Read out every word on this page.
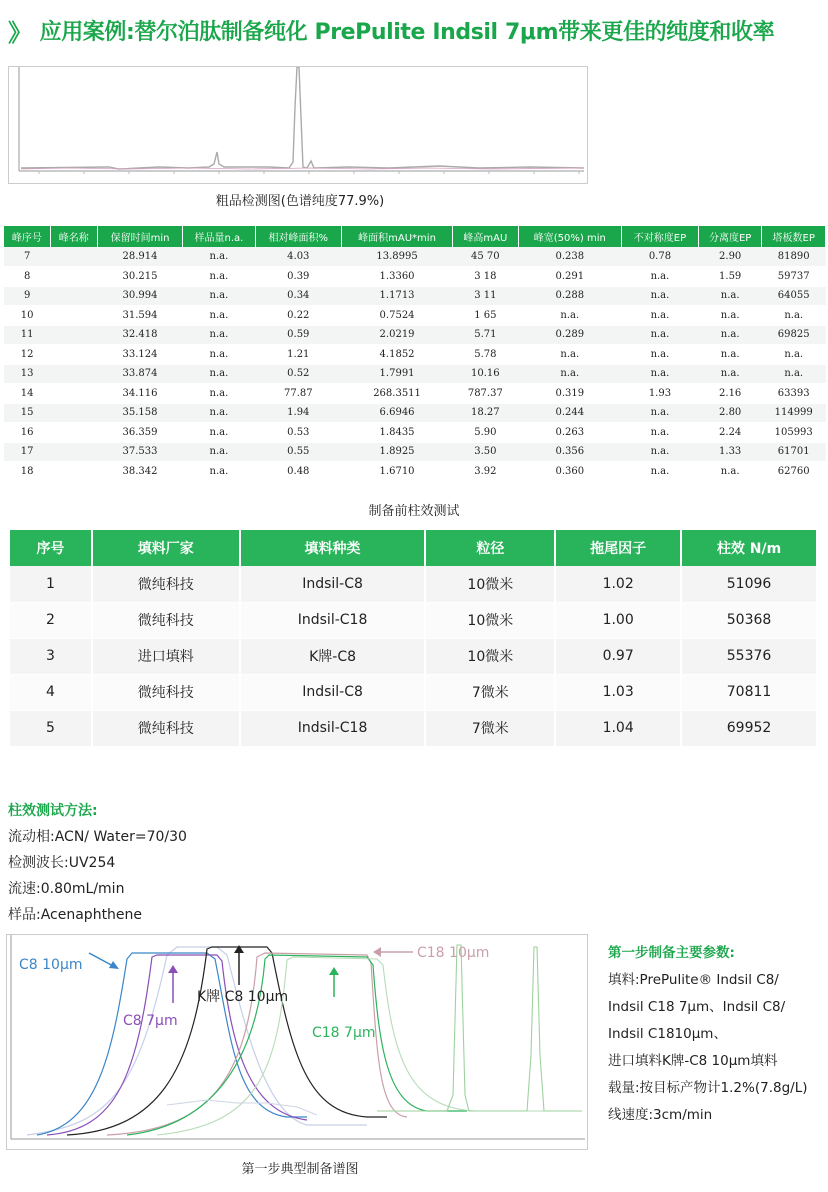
》 应用案例:替尔泊肽制备纯化 PrePulite Indsil 7μm带来更佳的纯度和收率
粗品检测图(色谱纯度77.9%)
峰序号	峰名称	保留时间min	样品量n.a.	相对峰面积%	峰面积mAU*min	峰高mAU	峰宽(50%) min	不对称度EP	分离度EP	塔板数EP
7		28.914	n.a.	4.03	13.8995	45 70	0.238	0.78	2.90	81890
8		30.215	n.a.	0.39	1.3360	3 18	0.291	n.a.	1.59	59737
9		30.994	n.a.	0.34	1.1713	3 11	0.288	n.a.	n.a.	64055
10		31.594	n.a.	0.22	0.7524	1 65	n.a.	n.a.	n.a.	n.a.
11		32.418	n.a.	0.59	2.0219	5.71	0.289	n.a.	n.a.	69825
12		33.124	n.a.	1.21	4.1852	5.78	n.a.	n.a.	n.a.	n.a.
13		33.874	n.a.	0.52	1.7991	10.16	n.a.	n.a.	n.a.	n.a.
14		34.116	n.a.	77.87	268.3511	787.37	0.319	1.93	2.16	63393
15		35.158	n.a.	1.94	6.6946	18.27	0.244	n.a.	2.80	114999
16		36.359	n.a.	0.53	1.8435	5.90	0.263	n.a.	2.24	105993
17		37.533	n.a.	0.55	1.8925	3.50	0.356	n.a.	1.33	61701
18		38.342	n.a.	0.48	1.6710	3.92	0.360	n.a.	n.a.	62760
制备前柱效测试
序号	填料厂家	填料种类	粒径	拖尾因子	柱效 N/m
1	微纯科技	Indsil-C8	10微米	1.02	51096
2	微纯科技	Indsil-C18	10微米	1.00	50368
3	进口填料	K牌-C8	10微米	0.97	55376
4	微纯科技	Indsil-C8	7微米	1.03	70811
5	微纯科技	Indsil-C18	7微米	1.04	69952
柱效测试方法:
流动相:ACN/ Water=70/30
检测波长:UV254
流速:0.80mL/min
样品:Acenaphthene
C8 10μm
C8 7μm
K牌 C8 10μm
C18 10μm
C18 7μm
第一步典型制备谱图
第一步制备主要参数:
填料:PrePulite® Indsil C8/
Indsil C18 7μm、Indsil C8/
Indsil C1810μm、
进口填料K牌-C8 10μm填料
载量:按目标产物计1.2%(7.8g/L)
线速度:3cm/min
